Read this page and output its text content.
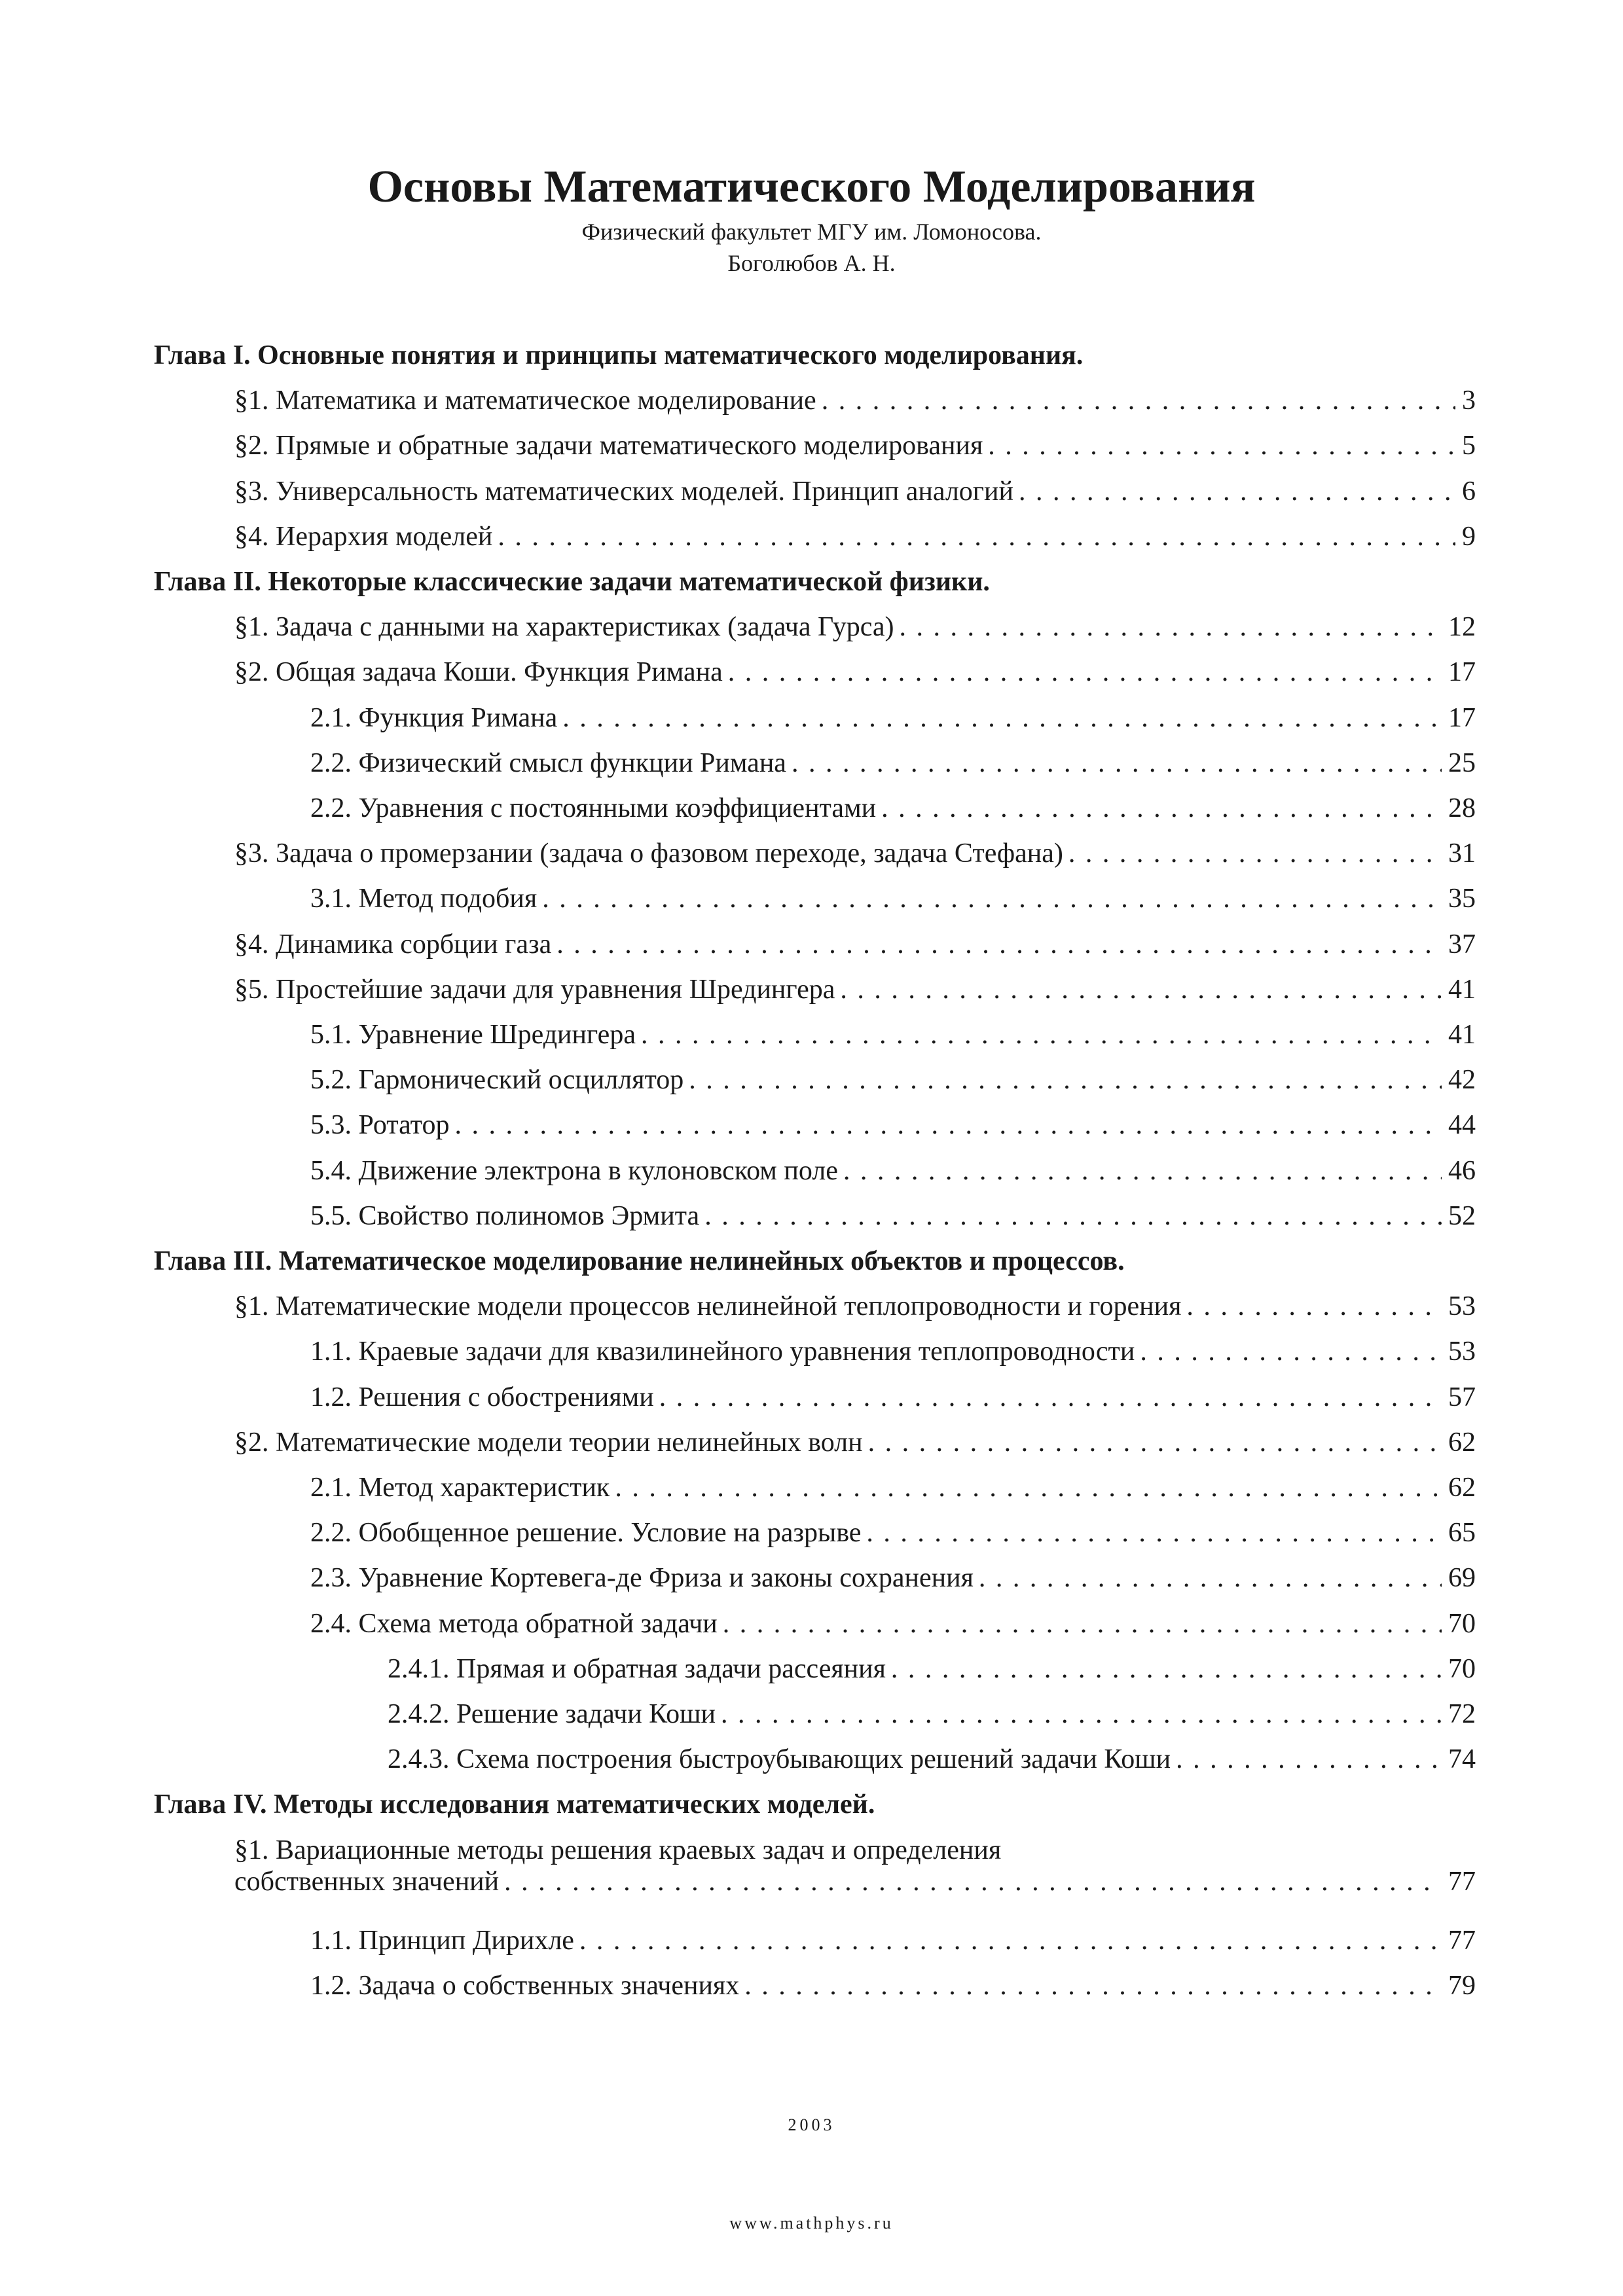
Основы Математического Моделирования
Физический факультет МГУ им. Ломоносова.
Боголюбов А. Н.
Глава I. Основные понятия и принципы математического моделирования.
§1. Математика и математическое моделирование . . .	3
§2. Прямые и обратные задачи математического моделирования . . .	5
§3. Универсальность математических моделей. Принцип аналогий . . .	6
§4. Иерархия моделей . . .	9
Глава II. Некоторые классические задачи математической физики.
§1. Задача с данными на характеристиках (задача Гурса) . . .	12
§2. Общая задача Коши. Функция Римана . . .	17
2.1. Функция Римана . . .	17
2.2. Физический смысл функции Римана . . .	25
2.2. Уравнения с постоянными коэффициентами . . .	28
§3. Задача о промерзании (задача о фазовом переходе, задача Стефана) . . .	31
3.1. Метод подобия . . .	35
§4. Динамика сорбции газа . . .	37
§5. Простейшие задачи для уравнения Шредингера . . .	41
5.1. Уравнение Шредингера . . .	41
5.2. Гармонический осциллятор . . .	42
5.3. Ротатор . . .	44
5.4. Движение электрона в кулоновском поле . . .	46
5.5. Свойство полиномов Эрмита . . .	52
Глава III. Математическое моделирование нелинейных объектов и процессов.
§1. Математические модели процессов нелинейной теплопроводности и горения . . .	53
1.1. Краевые задачи для квазилинейного уравнения теплопроводности . . .	53
1.2. Решения с обострениями . . .	57
§2. Математические модели теории нелинейных волн . . .	62
2.1. Метод характеристик . . .	62
2.2. Обобщенное решение. Условие на разрыве . . .	65
2.3. Уравнение Кортевега-де Фриза и законы сохранения . . .	69
2.4. Схема метода обратной задачи . . .	70
2.4.1. Прямая и обратная задачи рассеяния . . .	70
2.4.2. Решение задачи Коши . . .	72
2.4.3. Схема построения быстроубывающих решений задачи Коши . . .	74
Глава IV. Методы исследования математических моделей.
§1. Вариационные методы решения краевых задач и определения
собственных значений . . .	77
1.1. Принцип Дирихле . . .	77
1.2. Задача о собственных значениях . . .	79
2003
www.mathphys.ru
